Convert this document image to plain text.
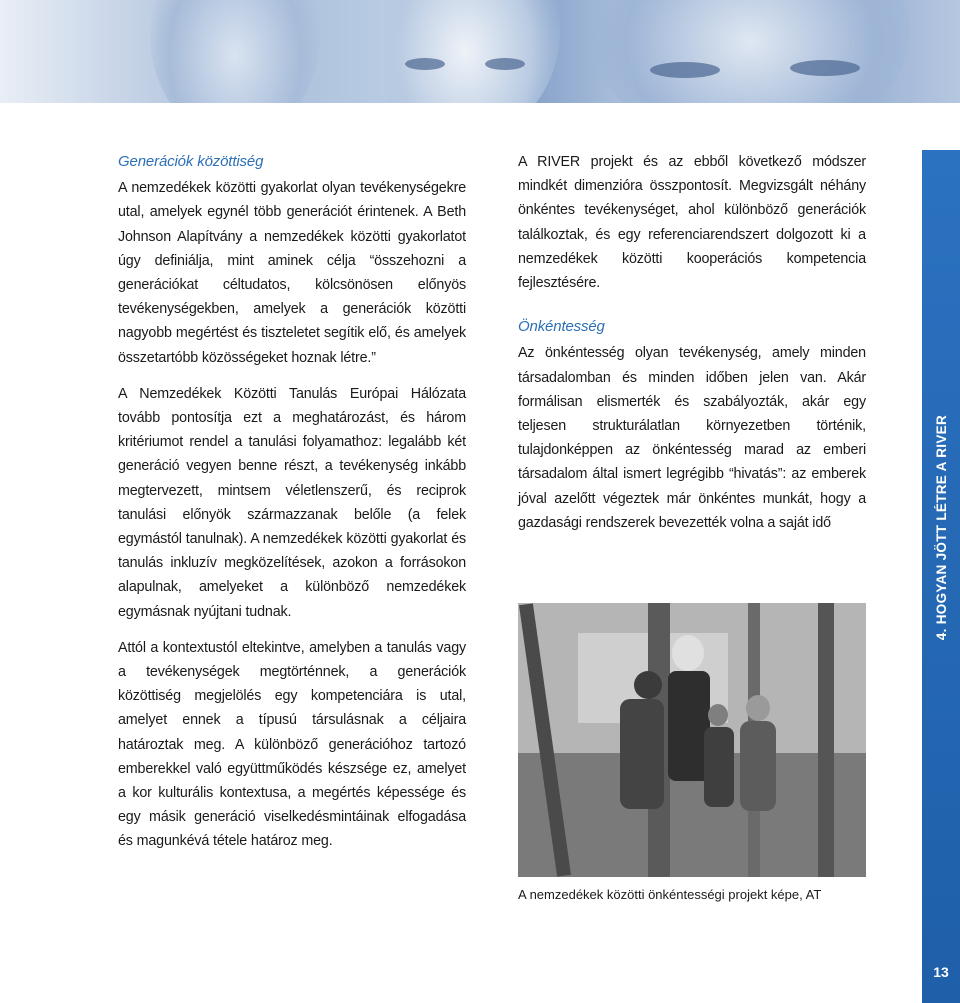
Generációk közöttiség

A nemzedékek közötti gyakorlat olyan tevékenységekre utal, amelyek egynél több generációt érintenek. A Beth Johnson Alapítvány a nemzedékek közötti gyakorlatot úgy definiálja, mint aminek célja “összehozni a generációkat céltudatos, kölcsönösen előnyös tevékenységekben, amelyek a generációk közötti nagyobb megértést és tiszteletet segítik elő, és amelyek összetartóbb közösségeket hoznak létre.”

A Nemzedékek Közötti Tanulás Európai Hálózata tovább pontosítja ezt a meghatározást, és három kritériumot rendel a tanulási folyamathoz: legalább két generáció vegyen benne részt, a tevékenység inkább megtervezett, mintsem véletlenszerű, és reciprok tanulási előnyök származzanak belőle (a felek egymástól tanulnak). A nemzedékek közötti gyakorlat és tanulás inkluzív megközelítések, azokon a forrásokon alapulnak, amelyeket a különböző nemzedékek egymásnak nyújtani tudnak.

Attól a kontextustól eltekintve, amelyben a tanulás vagy a tevékenységek megtörténnek, a generációk közöttiség megjelölés egy kompetenciára is utal, amelyet ennek a típusú társulásnak a céljaira határoztak meg. A különböző generációhoz tartozó emberekkel való együttműködés készsége ez, amelyet a kor kulturális kontextusa, a megértés képessége és egy másik generáció viselkedésmintáinak elfogadása és magunkévá tétele határoz meg.

A RIVER projekt és az ebből következő módszer mindkét dimenzióra összpontosít. Megvizsgált néhány önkéntes tevékenységet, ahol különböző generációk találkoztak, és egy referenciarendszert dolgozott ki a nemzedékek közötti kooperációs kompetencia fejlesztésére.

Önkéntesség

Az önkéntesség olyan tevékenység, amely minden társadalomban és minden időben jelen van. Akár formálisan elismerték és szabályozták, akár egy teljesen strukturálatlan környezetben történik, tulajdonképpen az önkéntesség marad az emberi társadalom által ismert legrégibb “hivatás”: az emberek jóval azelőtt végeztek már önkéntes munkát, hogy a gazdasági rendszerek bevezették volna a saját idő

A nemzedékek közötti önkéntességi projekt képe, AT
4. HOGYAN JÖTT LÉTRE A RIVER
13
